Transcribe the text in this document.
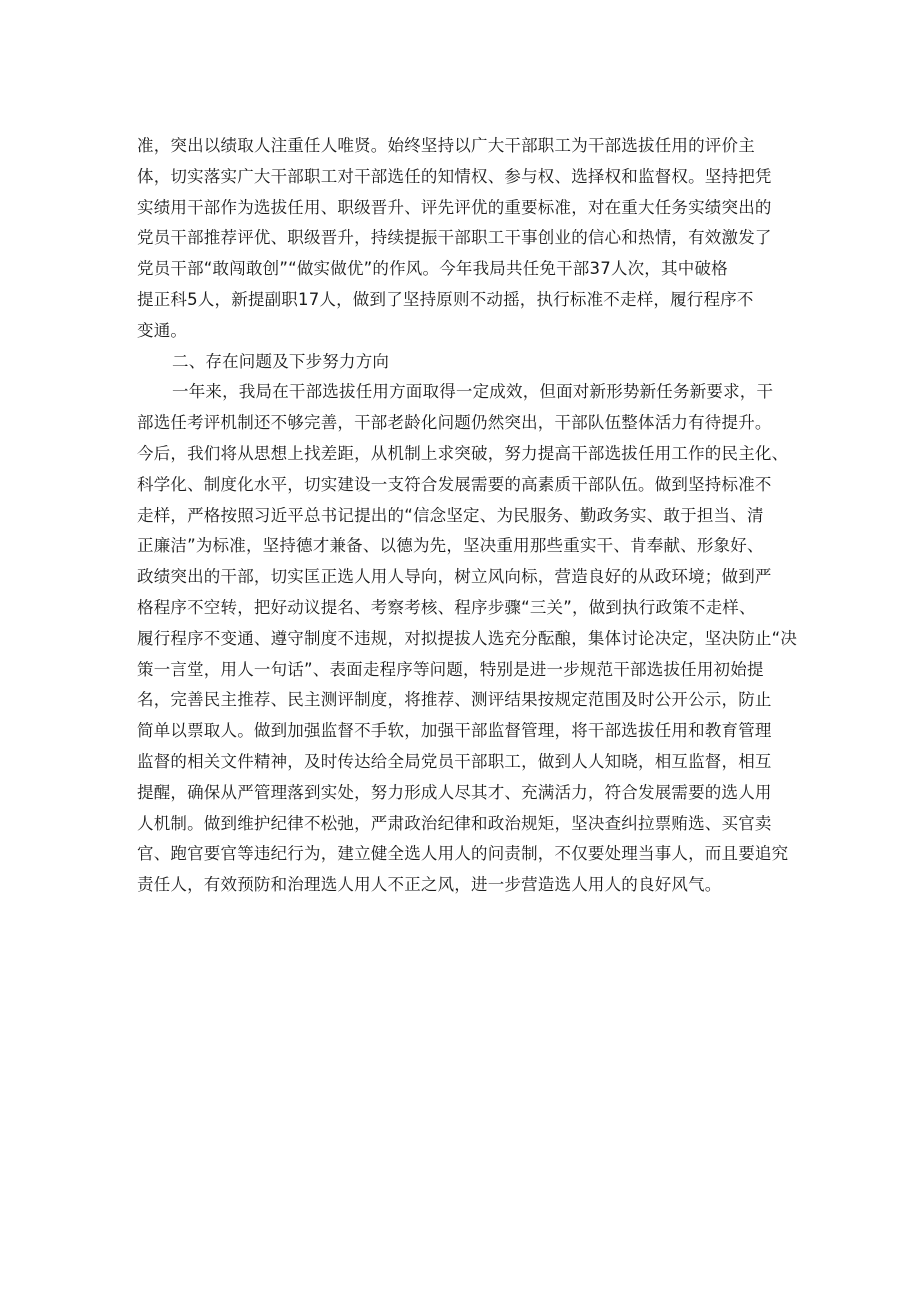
准，突出以绩取人注重任人唯贤。始终坚持以广大干部职工为干部选拔任用的评价主
体，切实落实广大干部职工对干部选任的知情权、参与权、选择权和监督权。坚持把凭
实绩用干部作为选拔任用、职级晋升、评先评优的重要标准，对在重大任务实绩突出的
党员干部推荐评优、职级晋升，持续提振干部职工干事创业的信心和热情，有效激发了
党员干部“敢闯敢创”“做实做优”的作风。今年我局共任免干部37人次，其中破格
提正科5人，新提副职17人，做到了坚持原则不动摇，执行标准不走样，履行程序不
变通。
二、存在问题及下步努力方向
一年来，我局在干部选拔任用方面取得一定成效，但面对新形势新任务新要求，干
部选任考评机制还不够完善，干部老龄化问题仍然突出，干部队伍整体活力有待提升。
今后，我们将从思想上找差距，从机制上求突破，努力提高干部选拔任用工作的民主化、
科学化、制度化水平，切实建设一支符合发展需要的高素质干部队伍。做到坚持标准不
走样，严格按照习近平总书记提出的“信念坚定、为民服务、勤政务实、敢于担当、清
正廉洁”为标准，坚持德才兼备、以德为先，坚决重用那些重实干、肯奉献、形象好、
政绩突出的干部，切实匡正选人用人导向，树立风向标，营造良好的从政环境；做到严
格程序不空转，把好动议提名、考察考核、程序步骤“三关”，做到执行政策不走样、
履行程序不变通、遵守制度不违规，对拟提拔人选充分酝酿，集体讨论决定，坚决防止“决
策一言堂，用人一句话”、表面走程序等问题，特别是进一步规范干部选拔任用初始提
名，完善民主推荐、民主测评制度，将推荐、测评结果按规定范围及时公开公示，防止
简单以票取人。做到加强监督不手软，加强干部监督管理，将干部选拔任用和教育管理
监督的相关文件精神，及时传达给全局党员干部职工，做到人人知晓，相互监督，相互
提醒，确保从严管理落到实处，努力形成人尽其才、充满活力，符合发展需要的选人用
人机制。做到维护纪律不松弛，严肃政治纪律和政治规矩，坚决查纠拉票贿选、买官卖
官、跑官要官等违纪行为，建立健全选人用人的问责制，不仅要处理当事人，而且要追究
责任人，有效预防和治理选人用人不正之风，进一步营造选人用人的良好风气。
